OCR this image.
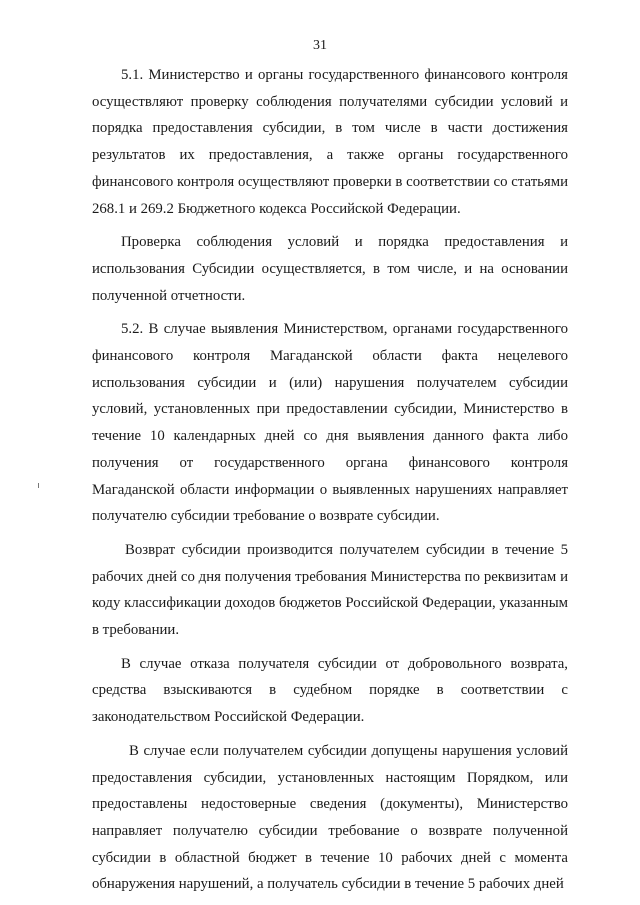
31

5.1. Министерство и органы государственного финансового контроля осуществляют проверку соблюдения получателями субсидии условий и порядка предоставления субсидии, в том числе в части достижения результатов их предоставления, а также органы государственного финансового контроля осуществляют проверки в соответствии со статьями 268.1 и 269.2 Бюджетного кодекса Российской Федерации.

Проверка соблюдения условий и порядка предоставления и использования Субсидии осуществляется, в том числе, и на основании полученной отчетности.

5.2. В случае выявления Министерством, органами государственного финансового контроля Магаданской области факта нецелевого использования субсидии и (или) нарушения получателем субсидии условий, установленных при предоставлении субсидии, Министерство в течение 10 календарных дней со дня выявления данного факта либо получения от государственного органа финансового контроля Магаданской области информации о выявленных нарушениях направляет получателю субсидии требование о возврате субсидии.

Возврат субсидии производится получателем субсидии в течение 5 рабочих дней со дня получения требования Министерства по реквизитам и коду классификации доходов бюджетов Российской Федерации, указанным в требовании.

В случае отказа получателя субсидии от добровольного возврата, средства взыскиваются в судебном порядке в соответствии с законодательством Российской Федерации.

В случае если получателем субсидии допущены нарушения условий предоставления субсидии, установленных настоящим Порядком, или предоставлены недостоверные сведения (документы), Министерство направляет получателю субсидии требование о возврате полученной субсидии в областной бюджет в течение 10 рабочих дней с момента обнаружения нарушений, а получатель субсидии в течение 5 рабочих дней
